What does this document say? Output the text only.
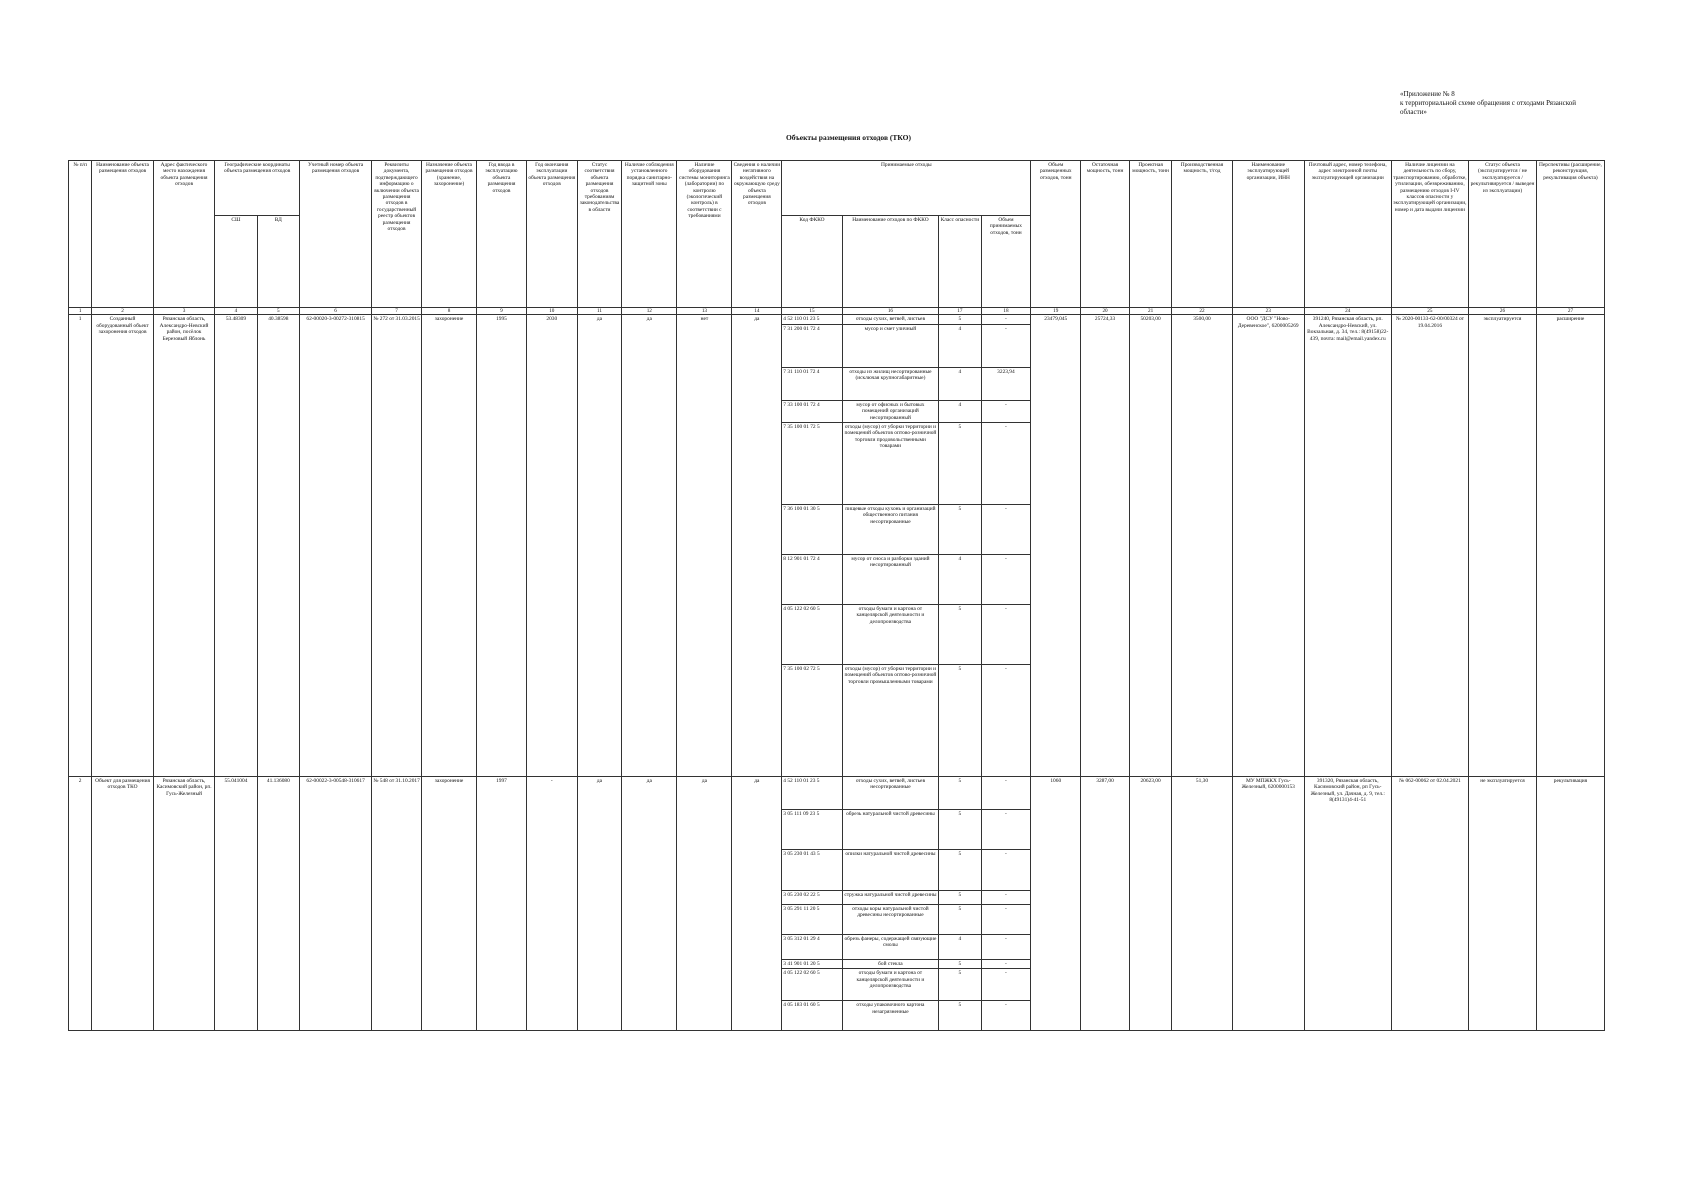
«Приложение № 8
к территориальной схеме обращения с отходами Рязанской
области»
Объекты размещения отходов (ТКО)
№ п/п	Наименование объекта размещения отходов	Адрес фактического место нахождения объекта размещения отходов	Географические координаты объекта размещения отходов		Учетный номер объекта размещения отходов	Реквизиты документа, подтверждающего информацию о включении объекта размещения отходов в государственный реестр объектов размещения отходов	Назначение объекта размещения отходов (хранение, захоронение)	Год ввода в эксплуатацию объекта размещения отходов	Год окончания эксплуатации объекта размещения отходов	Статус соответствия объекта размещения отходов требованиям законодательства в области	Наличие соблюдения установленного порядка санитарно-защитной зоны	Наличие оборудования системы мониторинга (лаборатории) по контролю (экологический контроль) в соответствии с требованиями	Сведения о наличии негативного воздействия на окружающую среду объекта размещения отходов	Принимаемые отходы				Объем размещенных отходов, тонн	Остаточная мощность, тонн	Проектная мощность, тонн	Производственная мощность, т/год	Наименование эксплуатирующей организации, ИНН	Почтовый адрес, номер телефона, адрес электронной почты эксплуатирующей организации	Наличие лицензии на деятельность по сбору, транспортированию, обработке, утилизации, обезвреживанию, размещению отходов I-IV классов опасности у эксплуатирующей организации, номер и дата выдачи лицензии	Статус объекта (эксплуатируется / не эксплуатируется / рекультивируется / выведен из эксплуатации)	Перспективы (расширение, реконструкция, рекультивация объекта)
			СШ	ВД										Код ФККО	Наименование отходов по ФККО	Класс опасности	Объем принимаемых отходов, тонн									
1	2	3	4	5	6	7	8	9	10	11	12	13	14	15	16	17	18	19	20	21	22	23	24	25	26	27
1	Созданный оборудованный объект захоронения отходов	Рязанская область, Александро-Невский район, посёлок Березовый Яблонь	53.48309	40.38598	62-00020-3-00272-310815	№ 272 от 31.03.2015	захоронение	1995	2030	да	да	нет	да	4 52 110 01 23 5	отходы сухих, ветвей, листьев	5	-	23479,045	25724,33	50203,00	3500,00	ООО "ДСУ "Ново-Деревенское", 6200005269	391240, Рязанская область, рп. Александро-Невский, ул. Вокзальная, д. 34, тел.: 8(49158)22-439, почта: mail@email.yandex.ru	№ 2020-00133-62-00/00324 от 19.04.2016	эксплуатируется	расширение
														7 31 200 01 72 4	мусор и смет уличный	4	-									
														7 31 110 01 72 4	отходы из жилищ несортированные (исключая крупногабаритные)	4	3223,94									
														7 33 100 01 72 4	мусор от офисных и бытовых помещений организаций несортированный	4	-									
														7 35 100 01 72 5	отходы (мусор) от уборки территории и помещений объектов оптово-розничной торговли продовольственными товарами	5	-									
														7 36 100 01 30 5	пищевые отходы кухонь и организаций общественного питания несортированные	5	-									
														8 12 901 01 72 4	мусор от сноса и разборки зданий несортированный	4	-									
														4 05 122 02 60 5	отходы бумаги и картона от канцелярской деятельности и делопроизводства	5	-									
														7 35 100 02 72 5	отходы (мусор) от уборки территории и помещений объектов оптово-розничной торговли промышленными товарами	5	-									
2	Объект для размещения отходов ТКО	Рязанская область, Касимовский район, рп. Гусь-Железный	55.041004	41.136080	62-00022-3-00548-310617	№ 548 от 31.10.2017	захоронение	1997	-	да	да	да	да	4 52 110 01 23 5	отходы сухих, ветвей, листьев несортированные	5	-	1060	3287,00	20623,00	51,30	МУ МПЖКХ Гусь-Железный, 6200000153	391320, Рязанская область, Касимовский район, рп Гусь-Железный, ул. Дачная, д. 9, тел.: 8(49131)4-41-51	№ 062-00062 от 02.04.2021	не эксплуатируется	рекультивация
														3 05 111 09 23 5	обрезь натуральной чистой древесины	5	-									
														3 05 230 01 43 5	опилки натуральной чистой древесины	5	-									
														3 05 230 02 22 5	стружка натуральной чистой древесины	5	-									
														3 05 291 11 20 5	отходы коры натуральной чистой древесины несортированные	5	-									
														3 05 312 01 29 4	обрезь фанеры, содержащей связующие смолы	4	-									
														3 41 901 01 20 5	бой стекла	5	-									
														4 05 122 02 60 5	отходы бумаги и картона от канцелярской деятельности и делопроизводства	5	-									
														4 05 183 01 60 5	отходы упаковочного картона незагрязненные	5	-									
